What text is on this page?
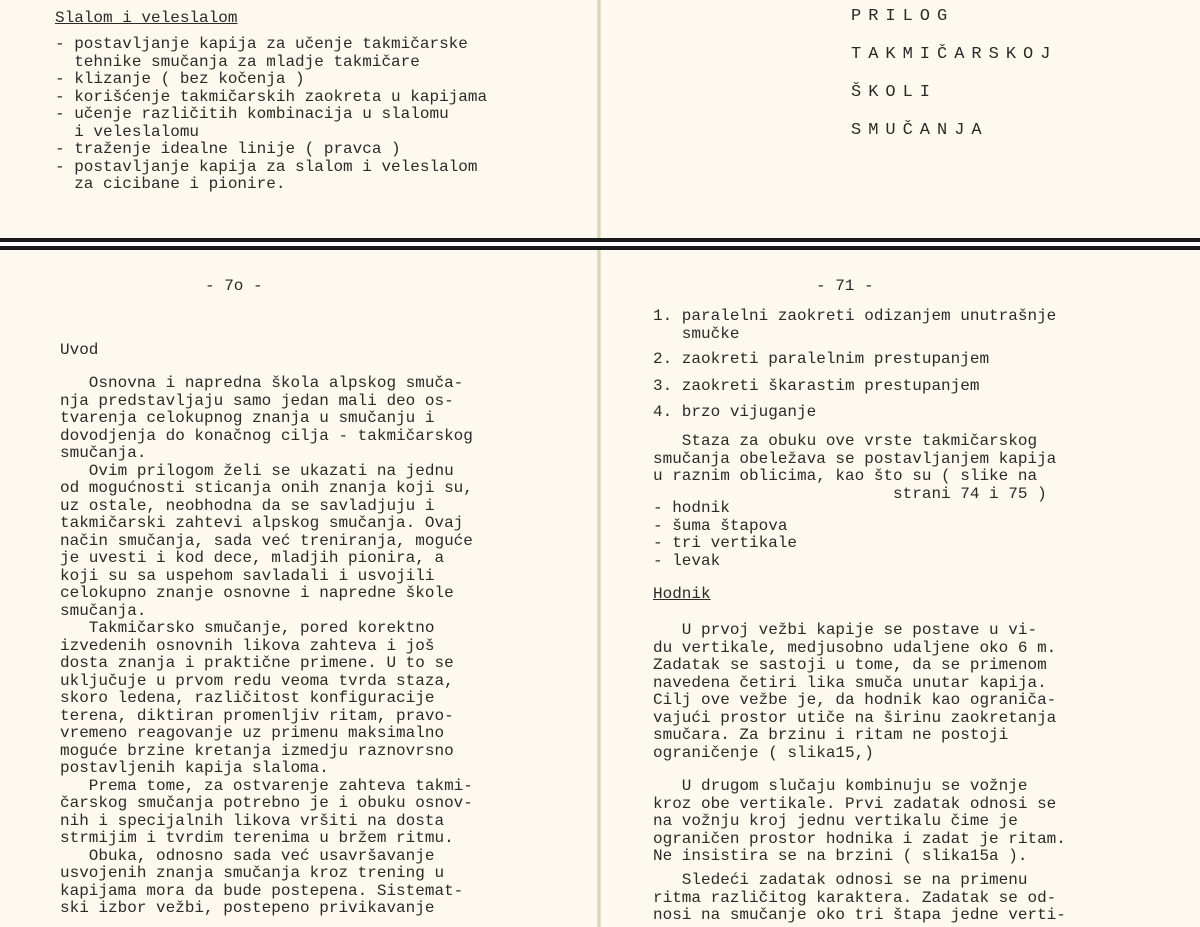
Slalom i veleslalom
- postavljanje kapija za učenje takmičarske
tehnike smučanja za mladje takmičare
- klizanje ( bez kočenja )
- korišćenje takmičarskih zaokreta u kapijama
- učenje različitih kombinacija u slalomu
i veleslalomu
- traženje idealne linije ( pravca )
- postavljanje kapija za slalom i veleslalom
za cicibane i pionire.
PRILOG
TAKMIČARSKOJ
ŠKOLI
SMUČANJA
- 7o -
Uvod
Osnovna i napredna škola alpskog smuča-
nja predstavljaju samo jedan mali deo os-
tvarenja celokupnog znanja u smučanju i
dovodjenja do konačnog cilja - takmičarskog
smučanja.
Ovim prilogom želi se ukazati na jednu
od mogućnosti sticanja onih znanja koji su,
uz ostale, neobhodna da se savladjuju i
takmičarski zahtevi alpskog smučanja. Ovaj
način smučanja, sada već treniranja, moguće
je uvesti i kod dece, mladjih pionira, a
koji su sa uspehom savladali i usvojili
celokupno znanje osnovne i napredne škole
smučanja.
Takmičarsko smučanje, pored korektno
izvedenih osnovnih likova zahteva i još
dosta znanja i praktične primene. U to se
uključuje u prvom redu veoma tvrda staza,
skoro ledena, različitost konfiguracije
terena, diktiran promenljiv ritam, pravo-
vremeno reagovanje uz primenu maksimalno
moguće brzine kretanja izmedju raznovrsno
postavljenih kapija slaloma.
Prema tome, za ostvarenje zahteva takmi-
čarskog smučanja potrebno je i obuku osnov-
nih i specijalnih likova vršiti na dosta
strmijim i tvrdim terenima u bržem ritmu.
Obuka, odnosno sada već usavršavanje
usvojenih znanja smučanja kroz trening u
kapijama mora da bude postepena. Sistemat-
ski izbor vežbi, postepeno privikavanje
- 71 -
1. paralelni zaokreti odizanjem unutrašnje
smučke
2. zaokreti paralelnim prestupanjem
3. zaokreti škarastim prestupanjem
4. brzo vijuganje
Staza za obuku ove vrste takmičarskog
smučanja obeležava se postavljanjem kapija
u raznim oblicima, kao što su ( slike na
strani 74 i 75 )
- hodnik
- šuma štapova
- tri vertikale
- levak
Hodnik
U prvoj vežbi kapije se postave u vi-
du vertikale, medjusobno udaljene oko 6 m.
Zadatak se sastoji u tome, da se primenom
navedena četiri lika smuča unutar kapija.
Cilj ove vežbe je, da hodnik kao ograniča-
vajući prostor utiče na širinu zaokretanja
smučara. Za brzinu i ritam ne postoji
ograničenje ( slika15,)
U drugom slučaju kombinuju se vožnje
kroz obe vertikale. Prvi zadatak odnosi se
na vožnju kroj jednu vertikalu čime je
ograničen prostor hodnika i zadat je ritam.
Ne insistira se na brzini ( slika15a ).
Sledeći zadatak odnosi se na primenu
ritma različitog karaktera. Zadatak se od-
nosi na smučanje oko tri štapa jedne verti-
